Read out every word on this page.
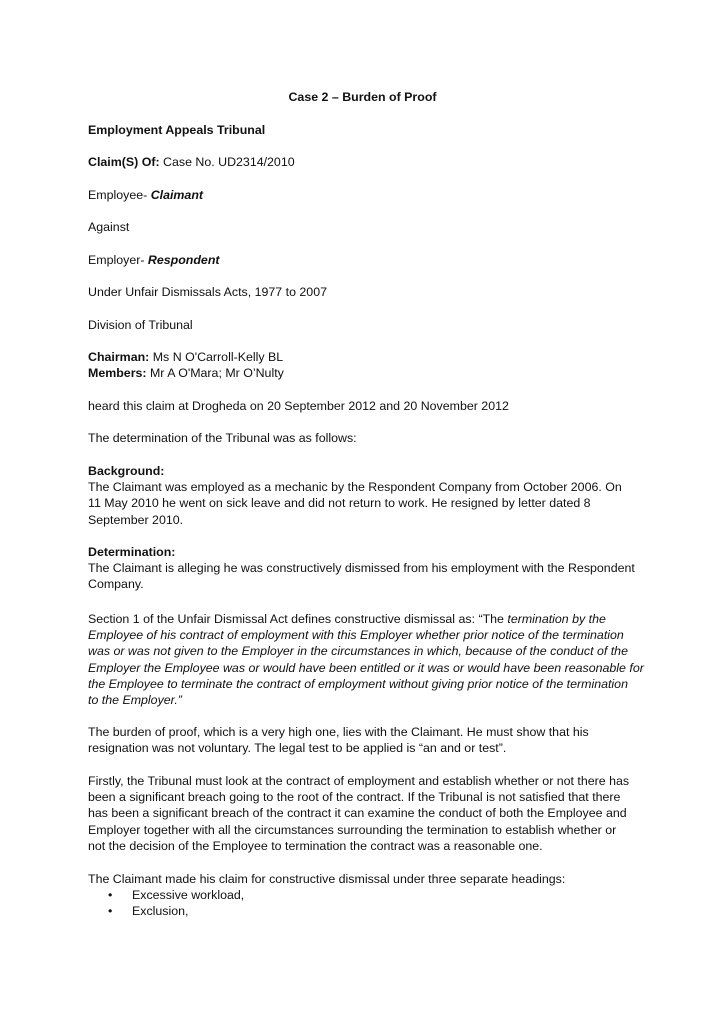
Case 2 – Burden of Proof
Employment Appeals Tribunal
Claim(S) Of: Case No. UD2314/2010
Employee- Claimant
Against
Employer- Respondent
Under Unfair Dismissals Acts, 1977 to 2007
Division of Tribunal
Chairman: Ms N O'Carroll-Kelly BL
Members: Mr A O'Mara; Mr O’Nulty
heard this claim at Drogheda on 20 September 2012 and 20 November 2012
The determination of the Tribunal was as follows:
Background:
The Claimant was employed as a mechanic by the Respondent Company from October 2006. On
11 May 2010 he went on sick leave and did not return to work. He resigned by letter dated 8
September 2010.
Determination:
The Claimant is alleging he was constructively dismissed from his employment with the Respondent
Company.
Section 1 of the Unfair Dismissal Act defines constructive dismissal as: “The termination by the
Employee of his contract of employment with this Employer whether prior notice of the termination
was or was not given to the Employer in the circumstances in which, because of the conduct of the
Employer the Employee was or would have been entitled or it was or would have been reasonable for
the Employee to terminate the contract of employment without giving prior notice of the termination
to the Employer.”
The burden of proof, which is a very high one, lies with the Claimant. He must show that his
resignation was not voluntary. The legal test to be applied is “an and or test”.
Firstly, the Tribunal must look at the contract of employment and establish whether or not there has
been a significant breach going to the root of the contract. If the Tribunal is not satisfied that there
has been a significant breach of the contract it can examine the conduct of both the Employee and
Employer together with all the circumstances surrounding the termination to establish whether or
not the decision of the Employee to termination the contract was a reasonable one.
The Claimant made his claim for constructive dismissal under three separate headings:
• Excessive workload,
• Exclusion,
